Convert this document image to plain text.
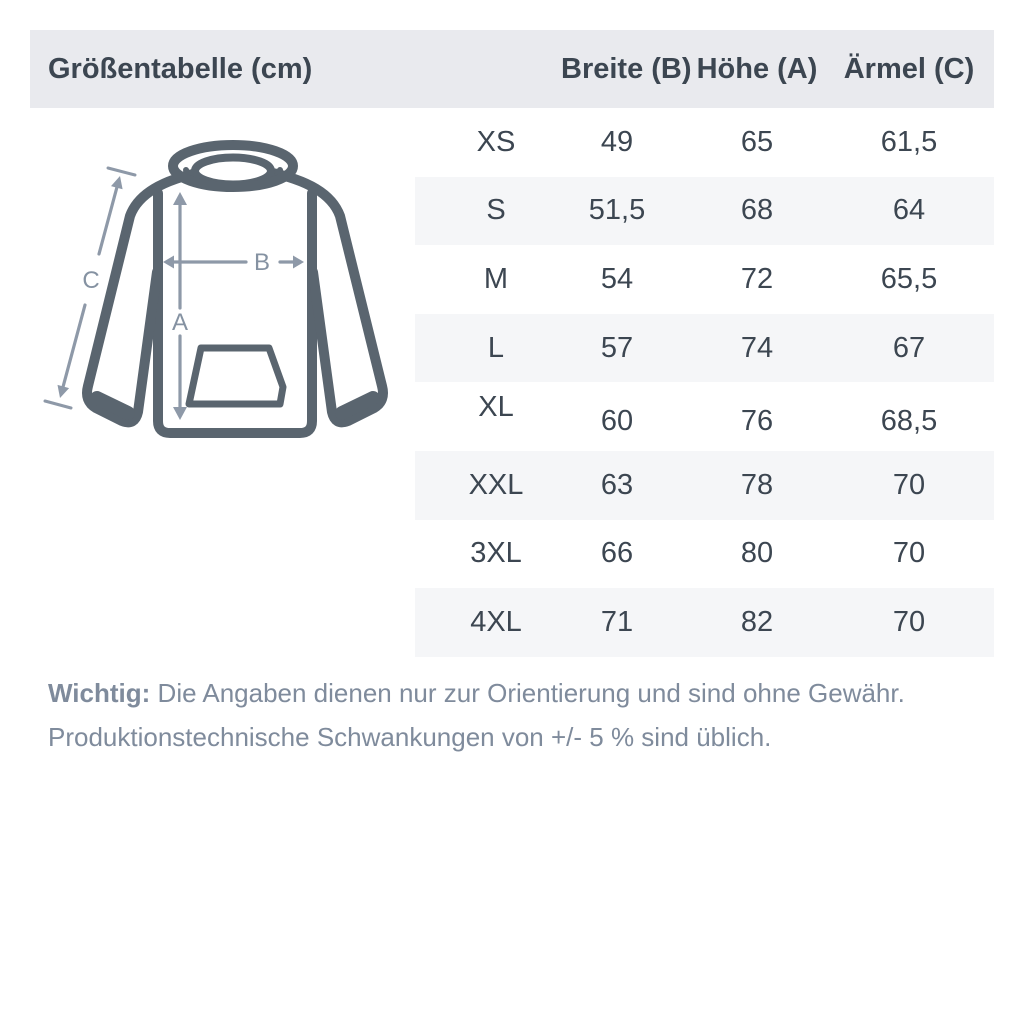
Größentabelle (cm)	Breite (B) Höhe (A) Ärmel (C)
A
B
C
XS	49	65	61,5
S	51,5	68	64
M	54	72	65,5
L	57	74	67
XL	60	76	68,5
XXL	63	78	70
3XL	66	80	70
4XL	71	82	70

Wichtig: Die Angaben dienen nur zur Orientierung und sind ohne Gewähr.
Produktionstechnische Schwankungen von +/- 5 % sind üblich.
